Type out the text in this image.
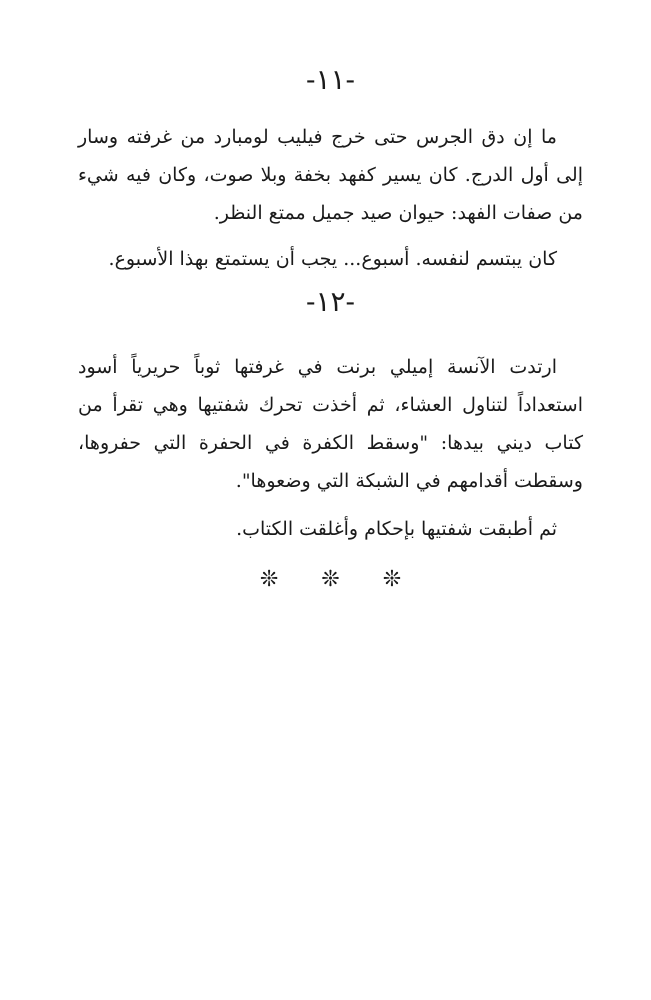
-١١-

ما إن دق الجرس حتى خرج فيليب لومبارد من غرفته وسار إلى أول الدرج. كان يسير كفهد بخفة وبلا صوت، وكان فيه شيء من صفات الفهد: حيوان صيد جميل ممتع النظر.

كان يبتسم لنفسه. أسبوع... يجب أن يستمتع بهذا الأسبوع.

-١٢-

ارتدت الآنسة إميلي برنت في غرفتها ثوباً حريرياً أسود استعداداً لتناول العشاء، ثم أخذت تحرك شفتيها وهي تقرأ من كتاب ديني بيدها: "وسقط الكفرة في الحفرة التي حفروها، وسقطت أقدامهم في الشبكة التي وضعوها".

ثم أطبقت شفتيها بإحكام وأغلقت الكتاب.

❊ ❊ ❊
